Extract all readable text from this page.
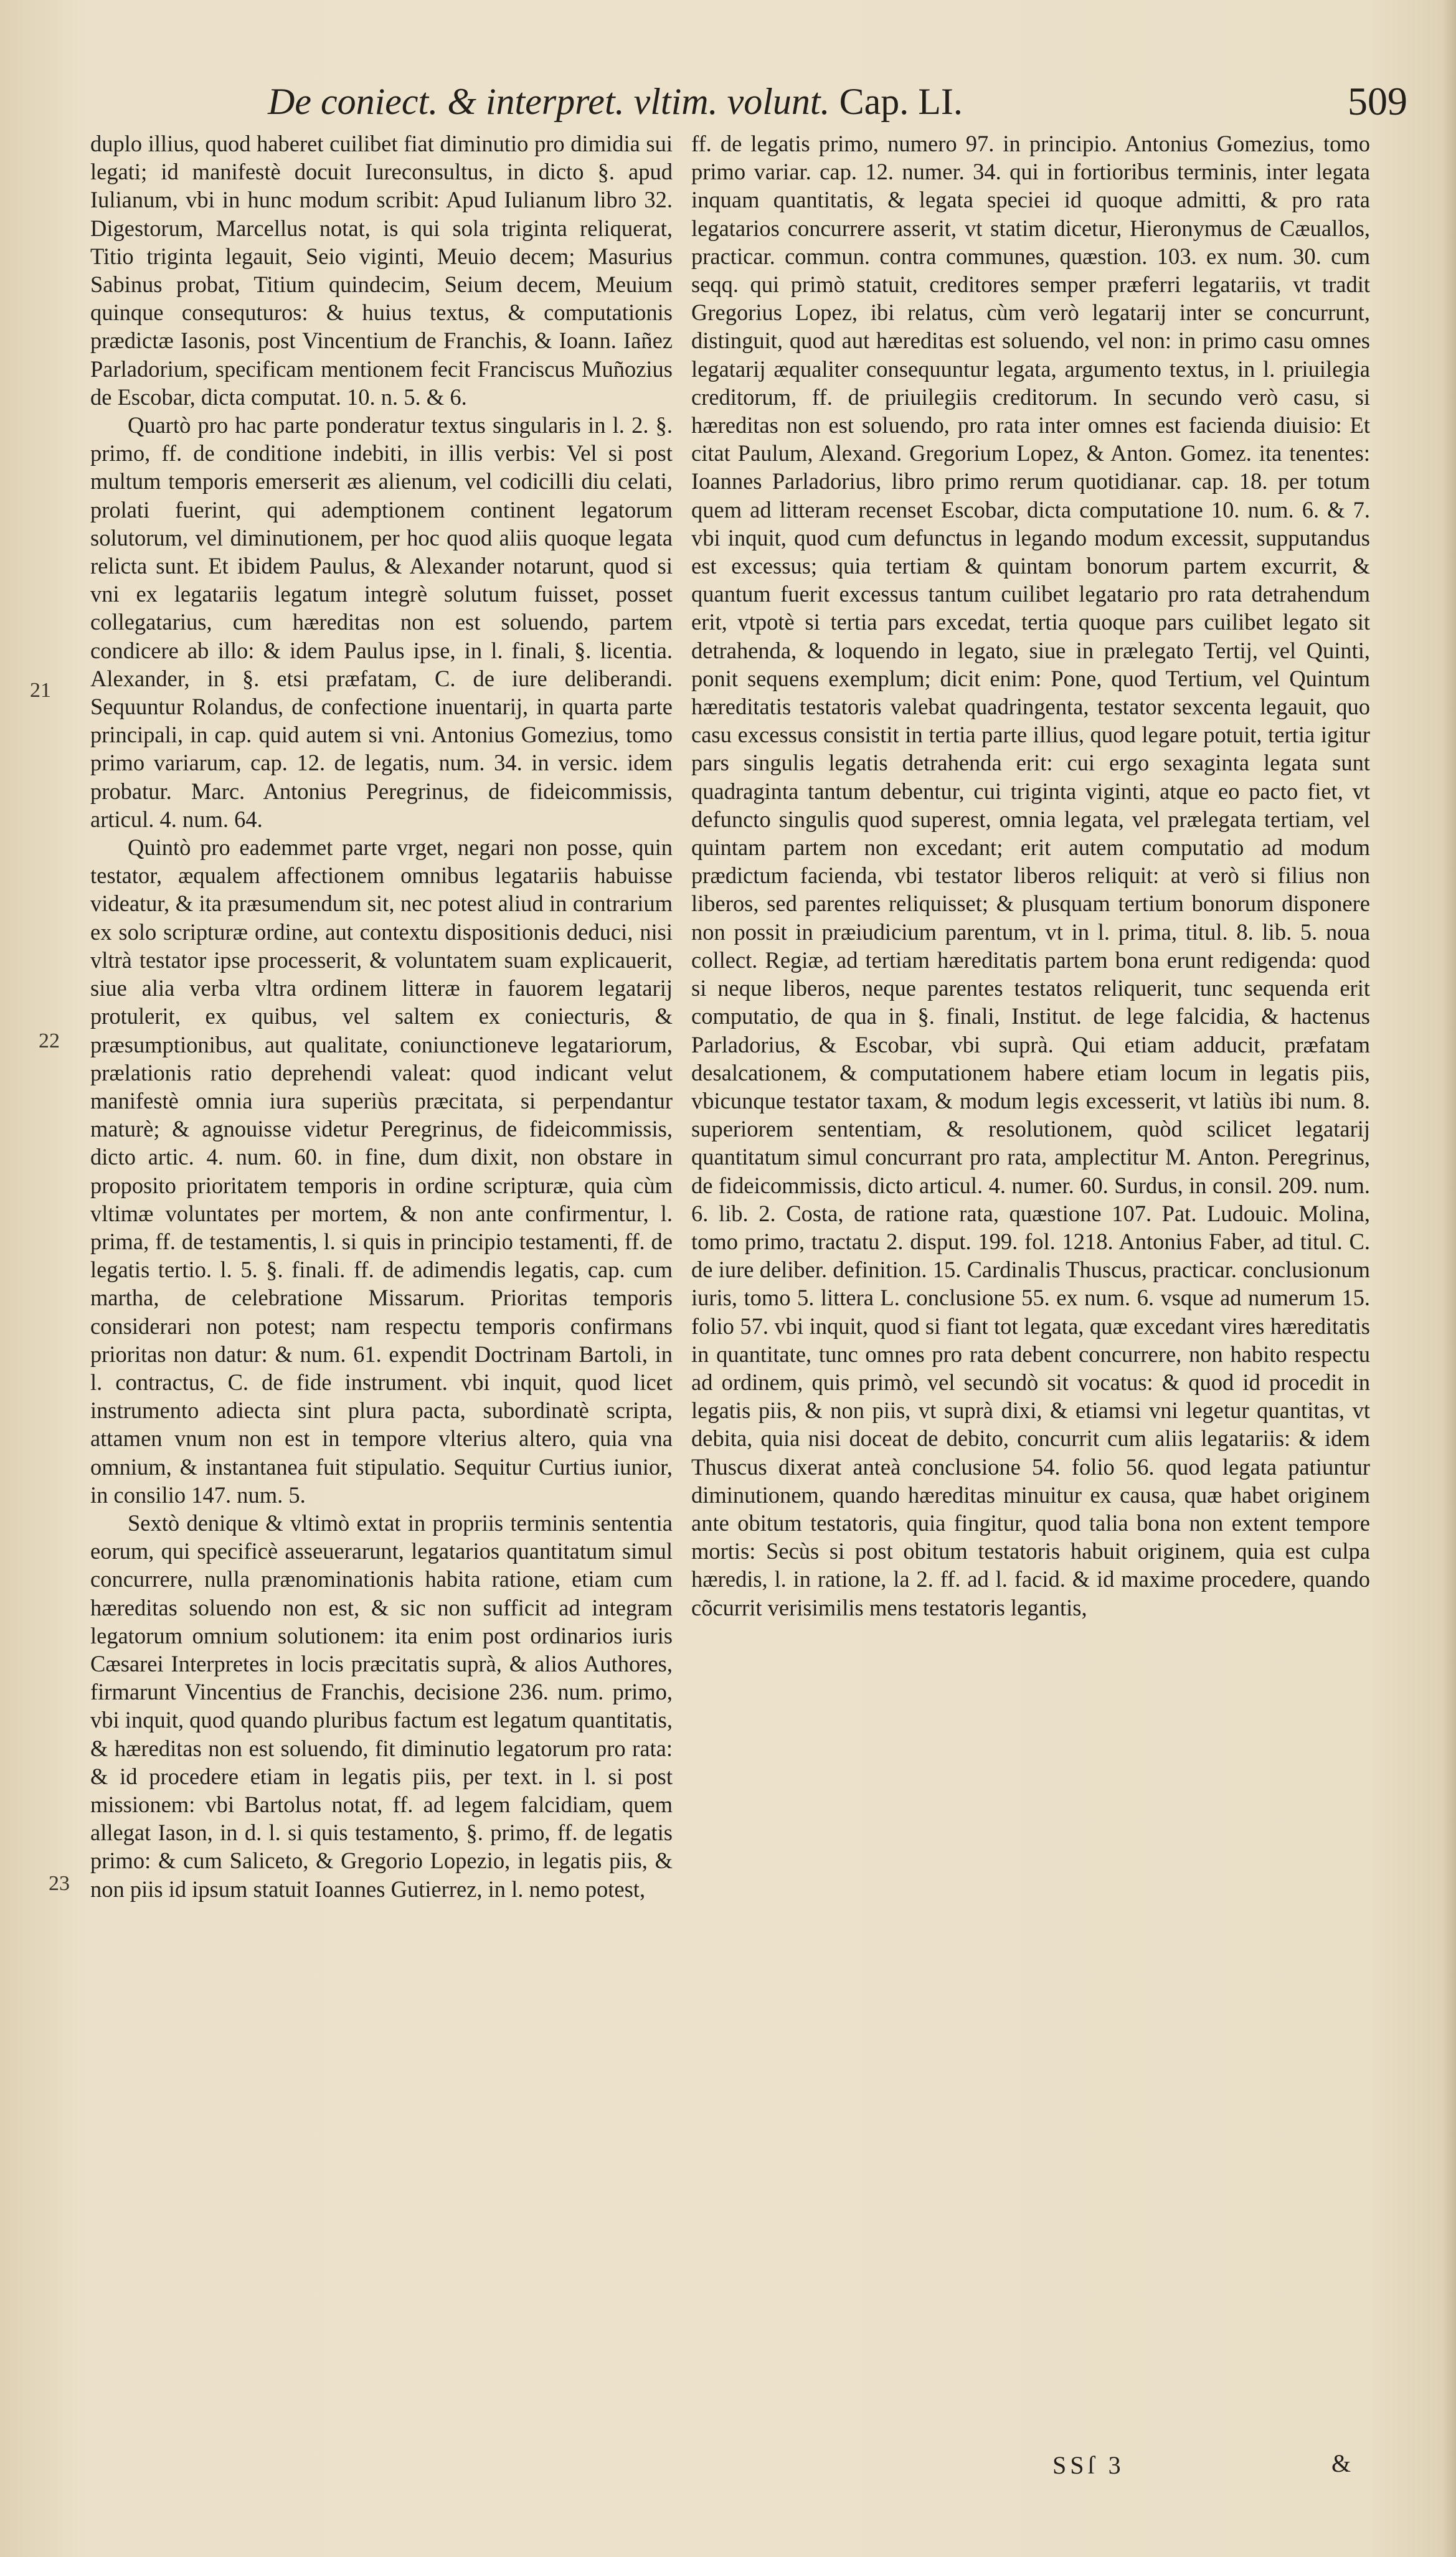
De coniect. & interpret. vltim. volunt. Cap. LI.	509

duplo illius, quod haberet cuilibet fiat diminutio pro dimidia sui legati; id manifestè docuit Iureconsultus, in dicto §. apud Iulianum, vbi in hunc modum scribit: Apud Iulianum libro 32. Digestorum, Marcellus notat, is qui sola triginta reliquerat, Titio triginta legauit, Seio viginti, Meuio decem; Masurius Sabinus probat, Titium quindecim, Seium decem, Meuium quinque consequturos: & huius textus, & computationis prædictæ Iasonis, post Vincentium de Franchis, & Ioann. Iañez Parladorium, specificam mentionem fecit Franciscus Muñozius de Escobar, dicta computat. 10. n. 5. & 6.

Quartò pro hac parte ponderatur textus singularis in l. 2. §. primo, ff. de conditione indebiti, in illis verbis: Vel si post multum temporis emerserit æs alienum, vel codicilli diu celati, prolati fuerint, qui ademptionem continent legatorum solutorum, vel diminutionem, per hoc quod aliis quoque legata relicta sunt. Et ibidem Paulus, & Alexander notarunt, quod si vni ex legatariis legatum integrè solutum fuisset, posset collegatarius, cum hæreditas non est soluendo, partem condicere ab illo: & idem Paulus ipse, in l. finali, §. licentia. Alexander, in §. etsi præfatam, C. de iure deliberandi. Sequuntur Rolandus, de confectione inuentarij, in quarta parte principali, in cap. quid autem si vni. Antonius Gomezius, tomo primo variarum, cap. 12. de legatis, num. 34. in versic. idem probatur. Marc. Antonius Peregrinus, de fideicommissis, articul. 4. num. 64.

Quintò pro eademmet parte vrget, negari non posse, quin testator, æqualem affectionem omnibus legatariis habuisse videatur, & ita præsumendum sit, nec potest aliud in contrarium ex solo scripturæ ordine, aut contextu dispositionis deduci, nisi vltrà testator ipse processerit, & voluntatem suam explicauerit, siue alia verba vltra ordinem litteræ in fauorem legatarij protulerit, ex quibus, vel saltem ex coniecturis, & præsumptionibus, aut qualitate, coniunctioneve legatariorum, prælationis ratio deprehendi valeat: quod indicant velut manifestè omnia iura superiùs præcitata, si perpendantur maturè; & agnouisse videtur Peregrinus, de fideicommissis, dicto artic. 4. num. 60. in fine, dum dixit, non obstare in proposito prioritatem temporis in ordine scripturæ, quia cùm vltimæ voluntates per mortem, & non ante confirmentur, l. prima, ff. de testamentis, l. si quis in principio testamenti, ff. de legatis tertio. l. 5. §. finali. ff. de adimendis legatis, cap. cum martha, de celebratione Missarum. Prioritas temporis considerari non potest; nam respectu temporis confirmans prioritas non datur: & num. 61. expendit Doctrinam Bartoli, in l. contractus, C. de fide instrument. vbi inquit, quod licet instrumento adiecta sint plura pacta, subordinatè scripta, attamen vnum non est in tempore vlterius altero, quia vna omnium, & instantanea fuit stipulatio. Sequitur Curtius iunior, in consilio 147. num. 5.

Sextò denique & vltimò extat in propriis terminis sententia eorum, qui specificè asseuerarunt, legatarios quantitatum simul concurrere, nulla prænominationis habita ratione, etiam cum hæreditas soluendo non est, & sic non sufficit ad integram legatorum omnium solutionem: ita enim post ordinarios iuris Cæsarei Interpretes in locis præcitatis suprà, & alios Authores, firmarunt Vincentius de Franchis, decisione 236. num. primo, vbi inquit, quod quando pluribus factum est legatum quantitatis, & hæreditas non est soluendo, fit diminutio legatorum pro rata: & id procedere etiam in legatis piis, per text. in l. si post missionem: vbi Bartolus notat, ff. ad legem falcidiam, quem allegat Iason, in d. l. si quis testamento, §. primo, ff. de legatis primo: & cum Saliceto, & Gregorio Lopezio, in legatis piis, & non piis id ipsum statuit Ioannes Gutierrez, in l. nemo potest,

ff. de legatis primo, numero 97. in principio. Antonius Gomezius, tomo primo variar. cap. 12. numer. 34. qui in fortioribus terminis, inter legata inquam quantitatis, & legata speciei id quoque admitti, & pro rata legatarios concurrere asserit, vt statim dicetur, Hieronymus de Cæuallos, practicar. commun. contra communes, quæstion. 103. ex num. 30. cum seqq. qui primò statuit, creditores semper præferri legatariis, vt tradit Gregorius Lopez, ibi relatus, cùm verò legatarij inter se concurrunt, distinguit, quod aut hæreditas est soluendo, vel non: in primo casu omnes legatarij æqualiter consequuntur legata, argumento textus, in l. priuilegia creditorum, ff. de priuilegiis creditorum. In secundo verò casu, si hæreditas non est soluendo, pro rata inter omnes est facienda diuisio: Et citat Paulum, Alexand. Gregorium Lopez, & Anton. Gomez. ita tenentes: Ioannes Parladorius, libro primo rerum quotidianar. cap. 18. per totum quem ad litteram recenset Escobar, dicta computatione 10. num. 6. & 7. vbi inquit, quod cum defunctus in legando modum excessit, supputandus est excessus; quia tertiam & quintam bonorum partem excurrit, & quantum fuerit excessus tantum cuilibet legatario pro rata detrahendum erit, vtpotè si tertia pars excedat, tertia quoque pars cuilibet legato sit detrahenda, & loquendo in legato, siue in prælegato Tertij, vel Quinti, ponit sequens exemplum; dicit enim: Pone, quod Tertium, vel Quintum hæreditatis testatoris valebat quadringenta, testator sexcenta legauit, quo casu excessus consistit in tertia parte illius, quod legare potuit, tertia igitur pars singulis legatis detrahenda erit: cui ergo sexaginta legata sunt quadraginta tantum debentur, cui triginta viginti, atque eo pacto fiet, vt defuncto singulis quod superest, omnia legata, vel prælegata tertiam, vel quintam partem non excedant; erit autem computatio ad modum prædictum facienda, vbi testator liberos reliquit: at verò si filius non liberos, sed parentes reliquisset; & plusquam tertium bonorum disponere non possit in præiudicium parentum, vt in l. prima, titul. 8. lib. 5. noua collect. Regiæ, ad tertiam hæreditatis partem bona erunt redigenda: quod si neque liberos, neque parentes testatos reliquerit, tunc sequenda erit computatio, de qua in §. finali, Institut. de lege falcidia, & hactenus Parladorius, & Escobar, vbi suprà. Qui etiam adducit, præfatam desalcationem, & computationem habere etiam locum in legatis piis, vbicunque testator taxam, & modum legis excesserit, vt latiùs ibi num. 8. superiorem sententiam, & resolutionem, quòd scilicet legatarij quantitatum simul concurrant pro rata, amplectitur M. Anton. Peregrinus, de fideicommissis, dicto articul. 4. numer. 60. Surdus, in consil. 209. num. 6. lib. 2. Costa, de ratione rata, quæstione 107. Pat. Ludouic. Molina, tomo primo, tractatu 2. disput. 199. fol. 1218. Antonius Faber, ad titul. C. de iure deliber. definition. 15. Cardinalis Thuscus, practicar. conclusionum iuris, tomo 5. littera L. conclusione 55. ex num. 6. vsque ad numerum 15. folio 57. vbi inquit, quod si fiant tot legata, quæ excedant vires hæreditatis in quantitate, tunc omnes pro rata debent concurrere, non habito respectu ad ordinem, quis primò, vel secundò sit vocatus: & quod id procedit in legatis piis, & non piis, vt suprà dixi, & etiamsi vni legetur quantitas, vt debita, quia nisi doceat de debito, concurrit cum aliis legatariis: & idem Thuscus dixerat anteà conclusione 54. folio 56. quod legata patiuntur diminutionem, quando hæreditas minuitur ex causa, quæ habet originem ante obitum testatoris, quia fingitur, quod talia bona non extent tempore mortis: Secùs si post obitum testatoris habuit originem, quia est culpa hæredis, l. in ratione, la 2. ff. ad l. facid. & id maxime procedere, quando cõcurrit verisimilis mens testatoris legantis,

21
22
23
SSſ 3	&
